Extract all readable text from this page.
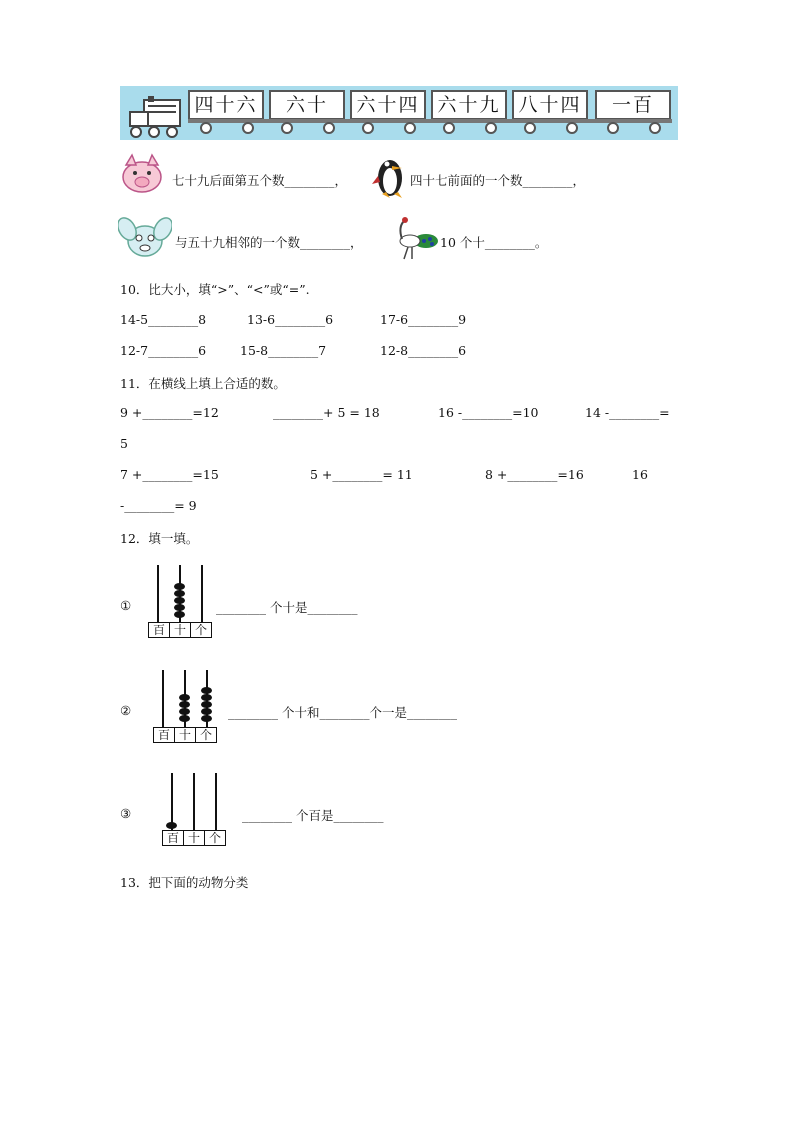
四十六	六十	六十四 六十九 八十四	一百
七十九后面第五个数________，	四十七前面的一个数________，
与五十九相邻的一个数________，	10 个十________。
10．比大小，填“>”、“<”或“=”.
14-5________8	13-6________6	17-6________9
12-7________6	15-8________7	12-8________6
11．在横线上填上合适的数。
9 +________=12	________+ 5 = 18	16 -________=10	14 -________=
5
7 +________=15	5 +________= 11	8 +________=16	16
-________= 9
12．填一填。
①
百 十 个
________ 个十是________
②
百 十 个
________ 个十和________个一是________
③
百 十 个
________ 个百是________
13．把下面的动物分类
